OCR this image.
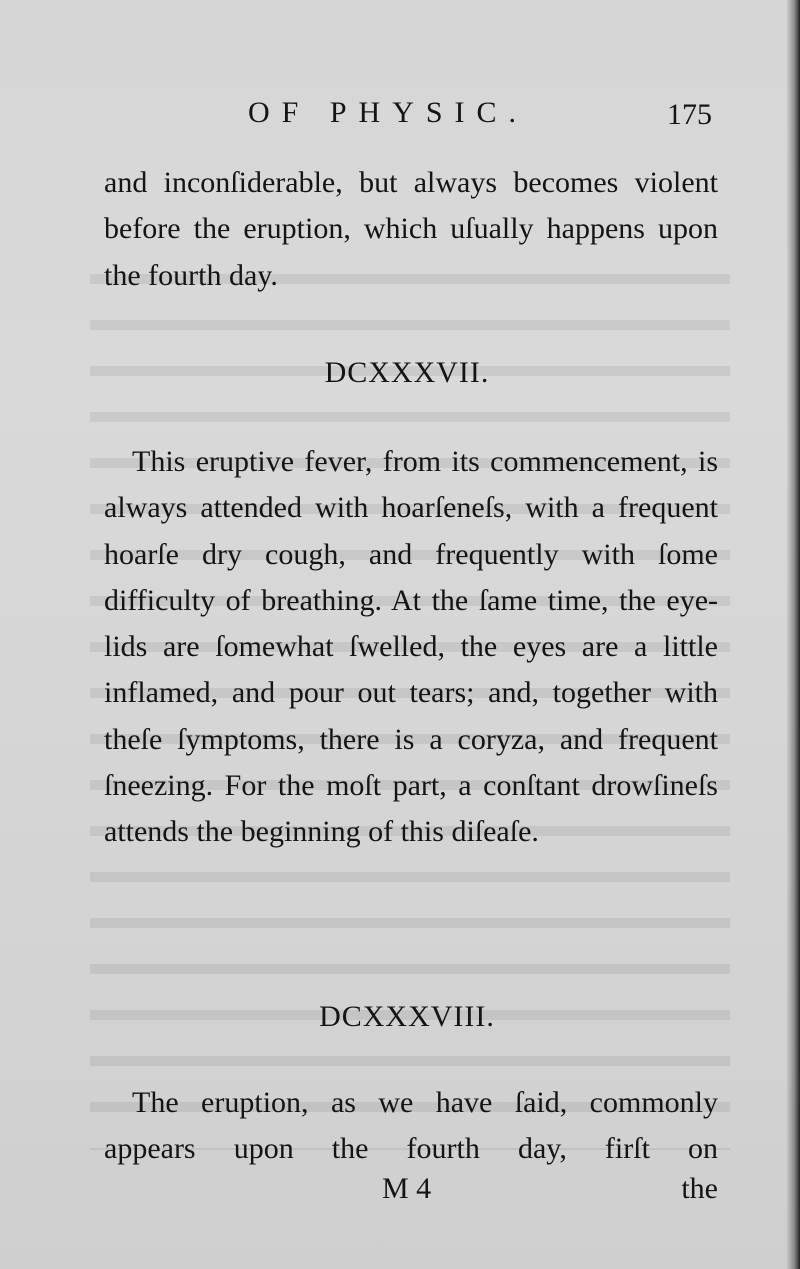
OF PHYSIC.	175

and inconſiderable, but always becomes violent before the eruption, which uſually happens upon the fourth day.

DCXXXVII.

This eruptive fever, from its commencement, is always attended with hoarſeneſs, with a frequent hoarſe dry cough, and frequently with ſome difficulty of breathing. At the ſame time, the eye-lids are ſomewhat ſwelled, the eyes are a little inflamed, and pour out tears; and, together with theſe ſymptoms, there is a coryza, and frequent ſneezing. For the moſt part, a conſtant drowſineſs attends the beginning of this diſeaſe.

DCXXXVIII.

The eruption, as we have ſaid, commonly appears upon the fourth day, firſt on

M 4	the
